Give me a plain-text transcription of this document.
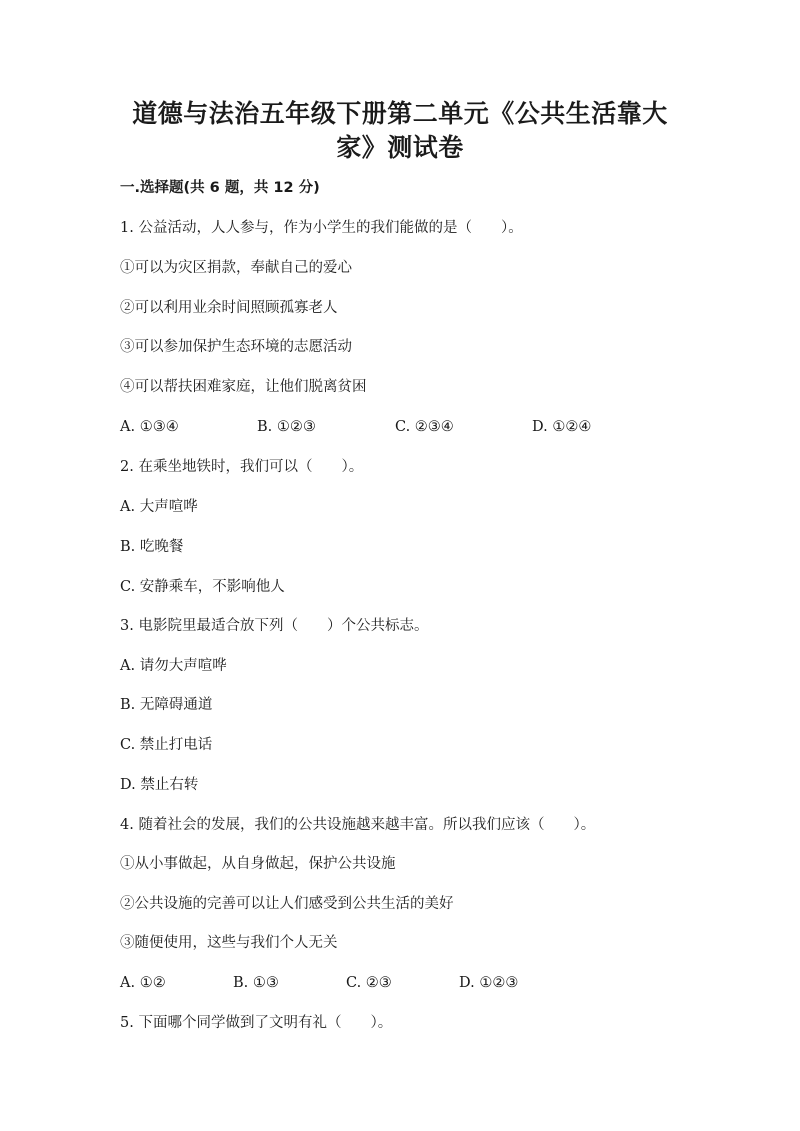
道德与法治五年级下册第二单元《公共生活靠大
家》测试卷
一.选择题(共 6 题，共 12 分)
1. 公益活动，人人参与，作为小学生的我们能做的是（　　）。
①可以为灾区捐款，奉献自己的爱心
②可以利用业余时间照顾孤寡老人
③可以参加保护生态环境的志愿活动
④可以帮扶困难家庭，让他们脱离贫困
A. ①③④	B. ①②③	C. ②③④	D. ①②④
2. 在乘坐地铁时，我们可以（　　）。
A. 大声喧哗
B. 吃晚餐
C. 安静乘车，不影响他人
3. 电影院里最适合放下列（　　）个公共标志。
A. 请勿大声喧哗
B. 无障碍通道
C. 禁止打电话
D. 禁止右转
4. 随着社会的发展，我们的公共设施越来越丰富。所以我们应该（　　）。
①从小事做起，从自身做起，保护公共设施
②公共设施的完善可以让人们感受到公共生活的美好
③随便使用，这些与我们个人无关
A. ①②	B. ①③	C. ②③	D. ①②③
5. 下面哪个同学做到了文明有礼（　　）。
